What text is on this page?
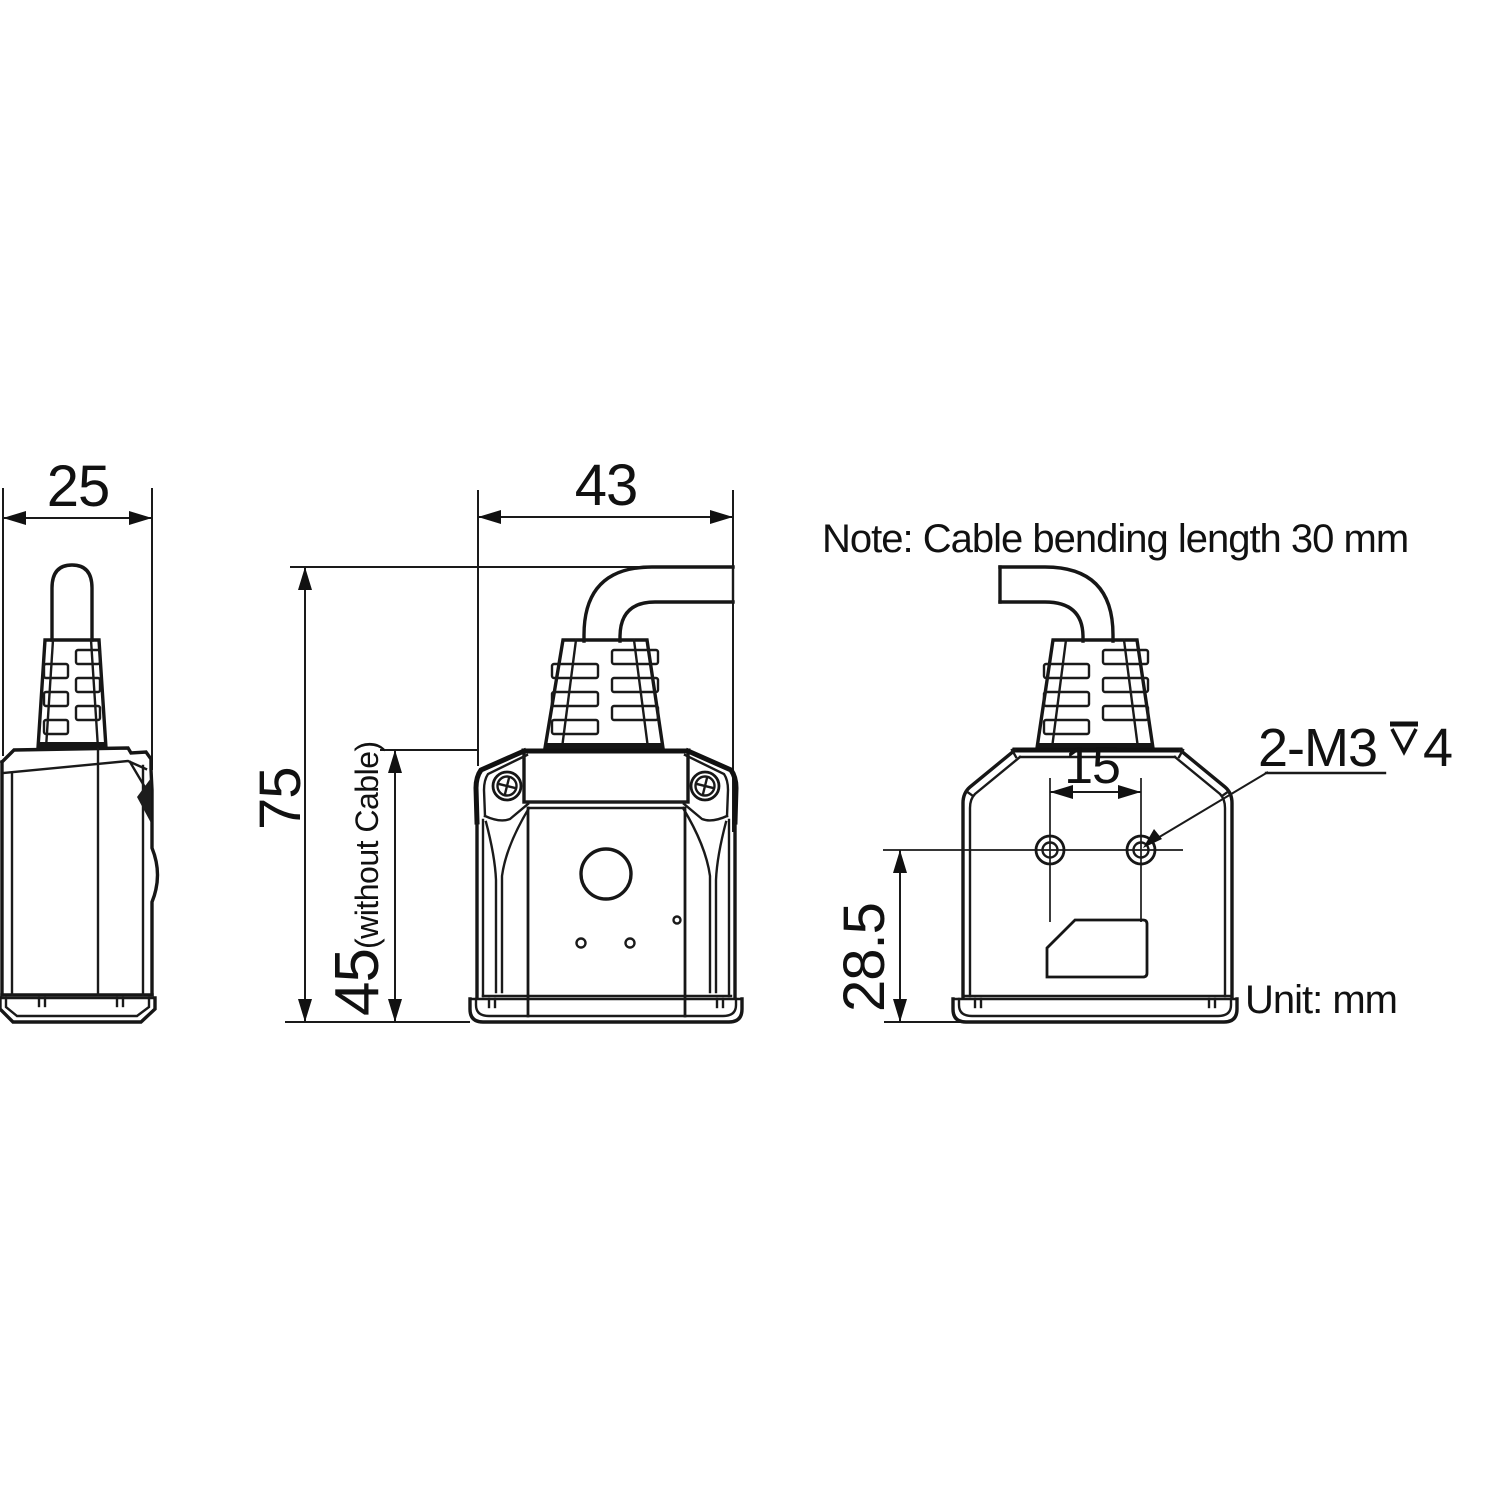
25	43
75
45(without Cable)
Note: Cable bending length 30 mm
15
28.5
2-M3 4
Unit: mm
